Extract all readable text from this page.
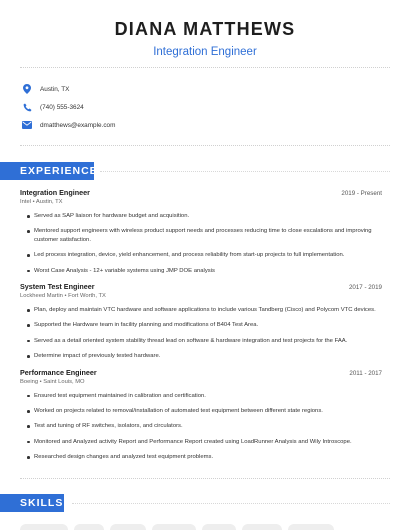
DIANA MATTHEWS
Integration Engineer
Austin, TX
(740) 555-3624
dmatthews@example.com
EXPERIENCE
Integration Engineer	2019 - Present
Intel • Austin, TX
Served as SAP liaison for hardware budget and acquisition.
Mentored support engineers with wireless product support needs and processes reducing time to close escalations and improving customer satisfaction.
Led process integration, device, yield enhancement, and process reliability from start-up projects to full implementation.
Worst Case Analysis - 12+ variable systems using JMP DOE analysis
System Test Engineer	2017 - 2019
Lockheed Martin • Fort Worth, TX
Plan, deploy and maintain VTC hardware and software applications to include various Tandberg (Cisco) and Polycom VTC devices.
Supported the Hardware team in facility planning and modifications of B404 Test Area.
Served as a detail oriented system stability thread lead on software & hardware integration and test projects for the FAA.
Determine impact of previously tested hardware.
Performance Engineer	2011 - 2017
Boeing • Saint Louis, MO
Ensured test equipment maintained in calibration and certification.
Worked on projects related to removal/installation of automated test equipment between different state regions.
Test and tuning of RF switches, isolators, and circulators.
Monitored and Analyzed activity Report and Performance Report created using LoadRunner Analysis and Wily Introscope.
Researched design changes and analyzed test equipment problems.
SKILLS
